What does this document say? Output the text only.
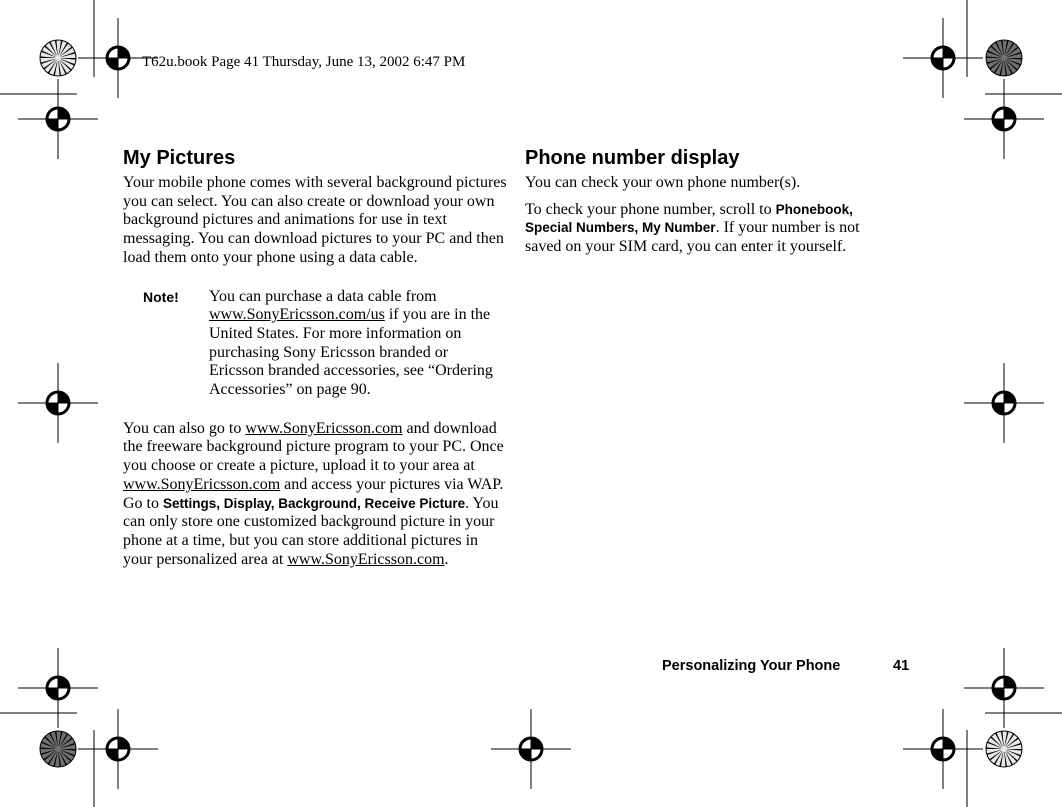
T62u.book Page 41 Thursday, June 13, 2002 6:47 PM
My Pictures

Your mobile phone comes with several background pictures you can select. You can also create or download your own background pictures and animations for use in text messaging. You can download pictures to your PC and then load them onto your phone using a data cable.

Note!	You can purchase a data cable from www.SonyEricsson.com/us if you are in the United States. For more information on purchasing Sony Ericsson branded or Ericsson branded accessories, see “Ordering Accessories” on page 90.

You can also go to www.SonyEricsson.com and download the freeware background picture program to your PC. Once you choose or create a picture, upload it to your area at www.SonyEricsson.com and access your pictures via WAP. Go to Settings, Display, Background, Receive Picture. You can only store one customized background picture in your phone at a time, but you can store additional pictures in your personalized area at www.SonyEricsson.com.

Phone number display

You can check your own phone number(s).

To check your phone number, scroll to Phonebook, Special Numbers, My Number. If your number is not saved on your SIM card, you can enter it yourself.

Personalizing Your Phone	41
